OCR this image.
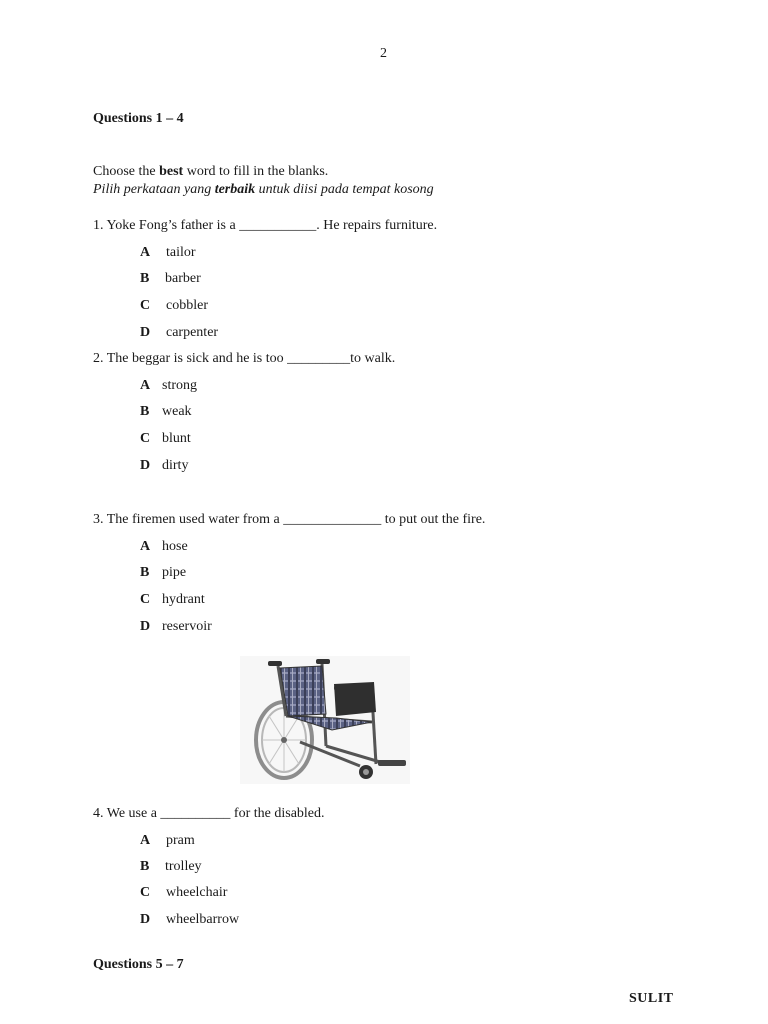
2
Questions 1 – 4
Choose the best word to fill in the blanks.
Pilih perkataan yang terbaik untuk diisi pada tempat kosong
1. Yoke Fong’s father is a ___________. He repairs furniture.
A tailor
B barber
C cobbler
D carpenter
2. The beggar is sick and he is too _________to walk.
A strong
B weak
C blunt
D dirty
3. The firemen used water from a ______________ to put out the fire.
A hose
B pipe
C hydrant
D reservoir
4. We use a __________ for the disabled.
A pram
B trolley
C wheelchair
D wheelbarrow
Questions 5 – 7
SULIT
